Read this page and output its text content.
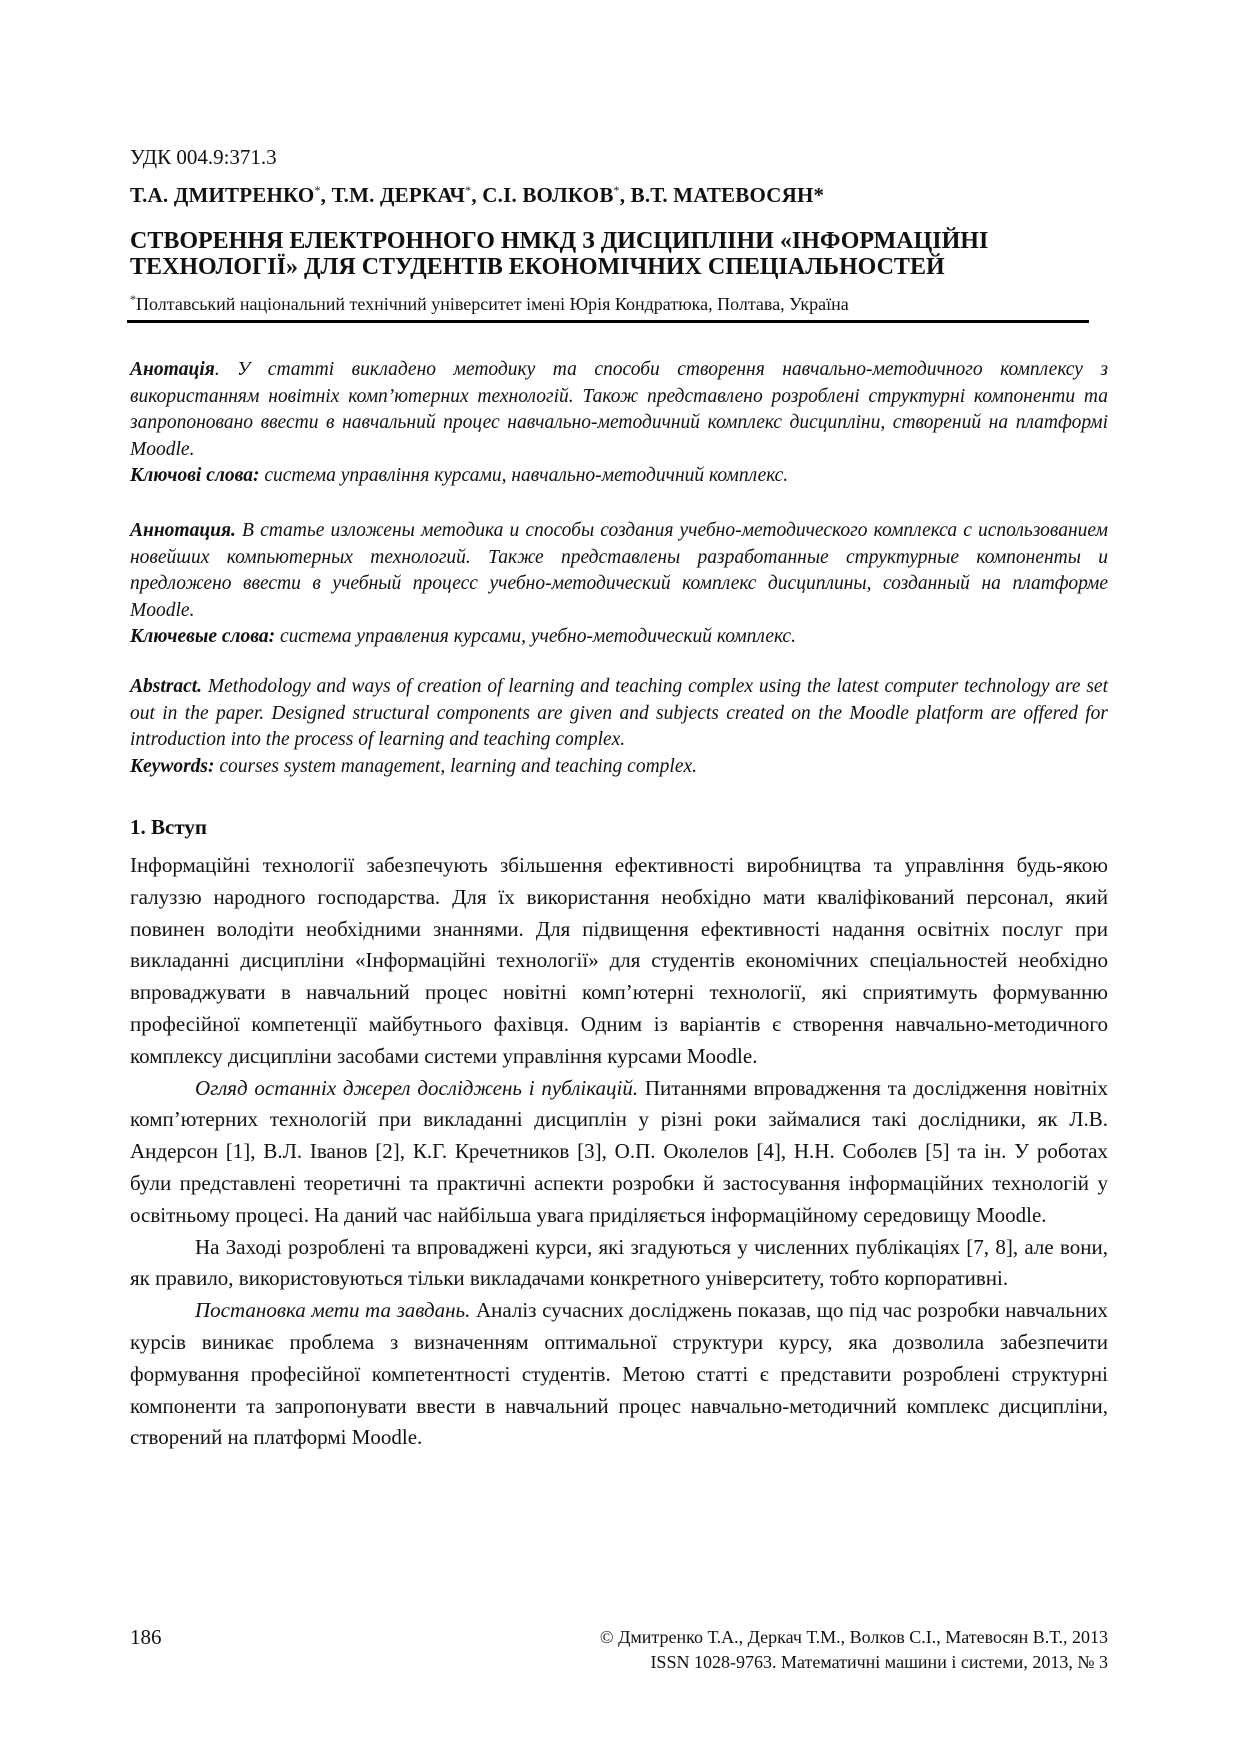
УДК 004.9:371.3
Т.А. ДМИТРЕНКО*, Т.М. ДЕРКАЧ*, С.І. ВОЛКОВ*, В.Т. МАТЕВОСЯН*
СТВОРЕННЯ ЕЛЕКТРОННОГО НМКД З ДИСЦИПЛІНИ «ІНФОРМАЦІЙНІ
ТЕХНОЛОГІЇ» ДЛЯ СТУДЕНТІВ ЕКОНОМІЧНИХ СПЕЦІАЛЬНОСТЕЙ
*Полтавський національний технічний університет імені Юрія Кондратюка, Полтава, Україна
Анотація. У статті викладено методику та способи створення навчально-методичного комплексу з використанням новітніх комп’ютерних технологій. Також представлено розроблені структурні компоненти та запропоновано ввести в навчальний процес навчально-методичний комплекс дисципліни, створений на платформі Moodle.
Ключові слова: система управління курсами, навчально-методичний комплекс.
Аннотация. В статье изложены методика и способы создания учебно-методического комплекса с использованием новейших компьютерных технологий. Также представлены разработанные структурные компоненты и предложено ввести в учебный процесс учебно-методический комплекс дисциплины, созданный на платформе Moodle.
Ключевые слова: система управления курсами, учебно-методический комплекс.
Abstract. Methodology and ways of creation of learning and teaching complex using the latest computer technology are set out in the paper. Designed structural components are given and subjects created on the Moodle platform are offered for introduction into the process of learning and teaching complex.
Keywords: courses system management, learning and teaching complex.
1. Вступ

Інформаційні технології забезпечують збільшення ефективності виробництва та управління будь-якою галуззю народного господарства. Для їх використання необхідно мати кваліфікований персонал, який повинен володіти необхідними знаннями. Для підвищення ефективності надання освітніх послуг при викладанні дисципліни «Інформаційні технології» для студентів економічних спеціальностей необхідно впроваджувати в навчальний процес новітні комп’ютерні технології, які сприятимуть формуванню професійної компетенції майбутнього фахівця. Одним із варіантів є створення навчально-методичного комплексу дисципліни засобами системи управління курсами Moodle.

Огляд останніх джерел досліджень і публікацій. Питаннями впровадження та дослідження новітніх комп’ютерних технологій при викладанні дисциплін у різні роки займалися такі дослідники, як Л.В. Андерсон [1], В.Л. Іванов [2], К.Г. Кречетников [3], О.П. Околелов [4], Н.Н. Соболєв [5] та ін. У роботах були представлені теоретичні та практичні аспекти розробки й застосування інформаційних технологій у освітньому процесі. На даний час найбільша увага приділяється інформаційному середовищу Moodle.

На Заході розроблені та впроваджені курси, які згадуються у численних публікаціях [7, 8], але вони, як правило, використовуються тільки викладачами конкретного університету, тобто корпоративні.

Постановка мети та завдань. Аналіз сучасних досліджень показав, що під час розробки навчальних курсів виникає проблема з визначенням оптимальної структури курсу, яка дозволила забезпечити формування професійної компетентності студентів. Метою статті є представити розроблені структурні компоненти та запропонувати ввести в навчальний процес навчально-методичний комплекс дисципліни, створений на платформі Moodle.

186	© Дмитренко Т.А., Деркач Т.М., Волков С.І., Матевосян В.Т., 2013
ISSN 1028-9763. Математичні машини і системи, 2013, № 3
